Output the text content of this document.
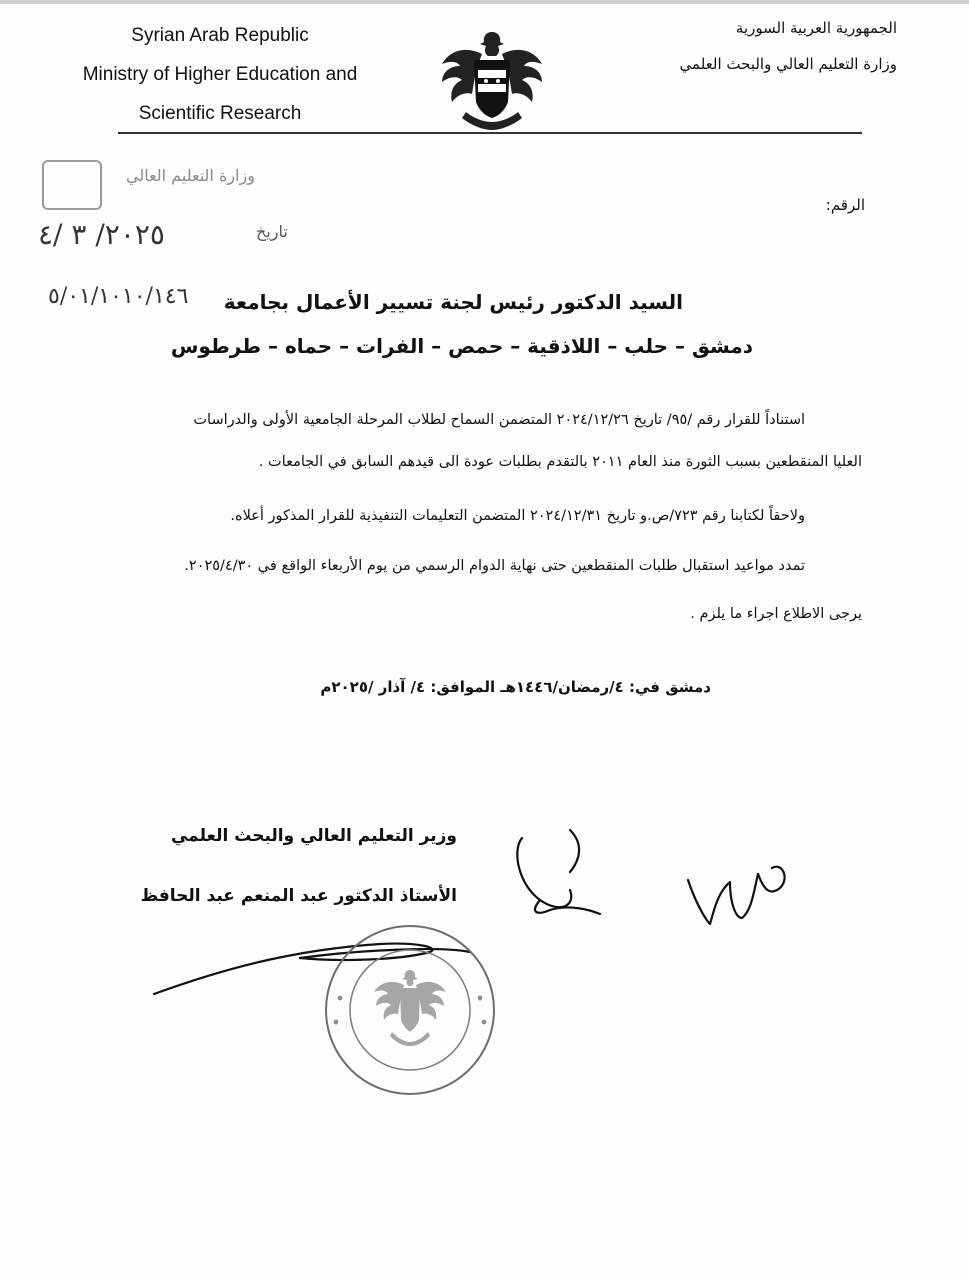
Syrian Arab Republic
Ministry of Higher Education and
Scientific Research
الجمهورية العربية السورية
وزارة التعليم العالي والبحث العلمي
الرقم:
وزارة التعليم العالي
تاريخ
٢٠٢٥/ ٣ /٤
٥/٠١/١٠١٠/١٤٦	السيد الدكتور رئيس لجنة تسيير الأعمال بجامعة
دمشق – حلب – اللاذقية – حمص – الفرات – حماه – طرطوس

استناداً للقرار رقم /٩٥/ تاريخ ٢٠٢٤/١٢/٢٦ المتضمن السماح لطلاب المرحلة الجامعية الأولى والدراسات

العليا المنقطعين بسبب الثورة منذ العام ٢٠١١ بالتقدم بطلبات عودة الى قيدهم السابق في الجامعات .

ولاحقاً لكتابنا رقم ٧٢٣/ص.و تاريخ ٢٠٢٤/١٢/٣١ المتضمن التعليمات التنفيذية للقرار المذكور أعلاه.

تمدد مواعيد استقبال طلبات المنقطعين حتى نهاية الدوام الرسمي من يوم الأربعاء الواقع في ٢٠٢٥/٤/٣٠.

يرجى الاطلاع اجراء ما يلزم .

دمشق في: ٤/رمضان/١٤٤٦هـ الموافق: ٤/ آذار /٢٠٢٥م
وزير التعليم العالي والبحث العلمي
الأستاذ الدكتور عبد المنعم عبد الحافظ
